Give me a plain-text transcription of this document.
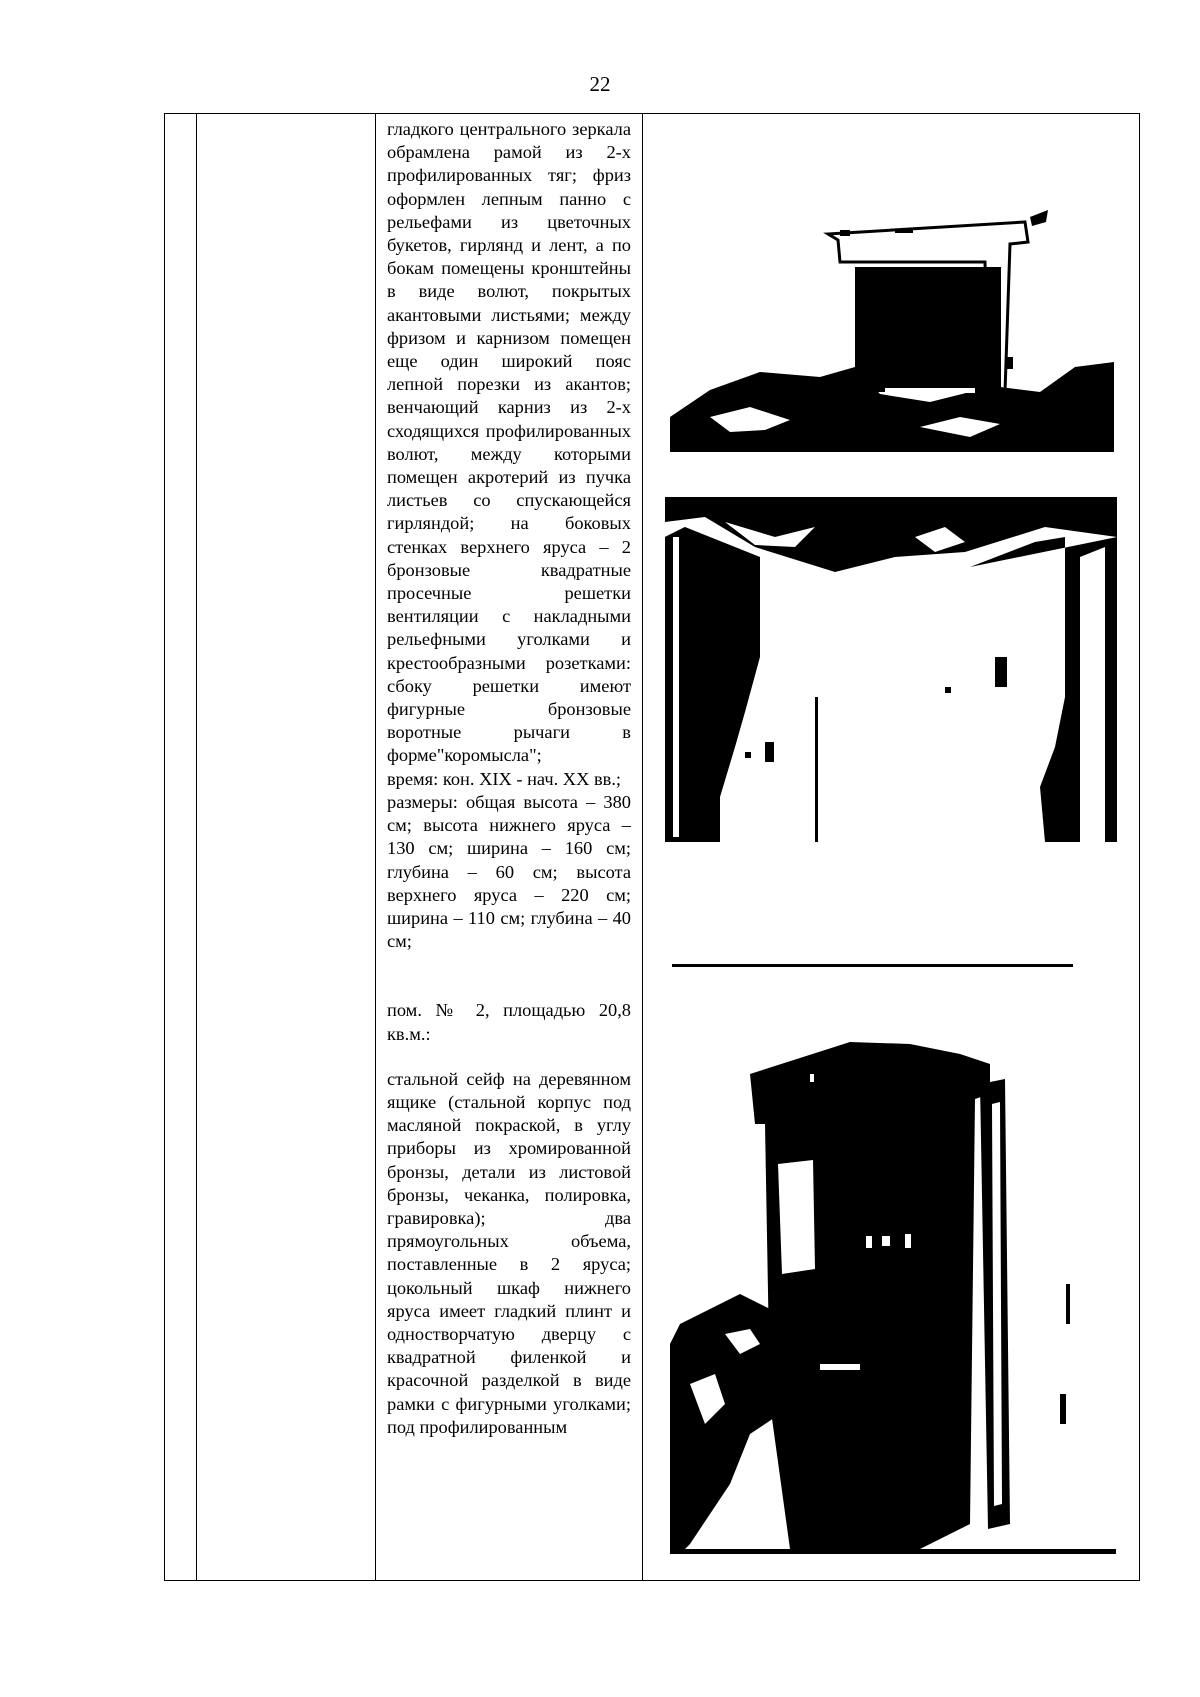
22

гладкого центрального зеркала обрамлена рамой из 2-х профилированных тяг; фриз оформлен лепным панно с рельефами из цветочных букетов, гирлянд и лент, а по бокам помещены кронштейны в виде волют, покрытых акантовыми листьями; между фризом и карнизом помещен еще один широкий пояс лепной порезки из акантов; венчающий карниз из 2-х сходящихся профилированных волют, между которыми помещен акротерий из пучка листьев со спускающейся гирляндой; на боковых стенках верхнего яруса – 2 бронзовые квадратные просечные решетки вентиляции с накладными рельефными уголками и крестообразными розетками: сбоку решетки имеют фигурные бронзовые воротные рычаги в форме"коромысла";

время: кон. XIX - нач. XX вв.;

размеры: общая высота – 380 см; высота нижнего яруса – 130 см; ширина – 160 см; глубина – 60 см; высота верхнего яруса – 220 см; ширина – 110 см; глубина – 40 см;

пом. № 2, площадью 20,8 кв.м.:

стальной сейф на деревянном ящике (стальной корпус под масляной покраской, в углу приборы из хромированной бронзы, детали из листовой бронзы, чеканка, полировка, гравировка); два прямоугольных объема, поставленные в 2 яруса; цокольный шкаф нижнего яруса имеет гладкий плинт и одностворчатую дверцу с квадратной филенкой и красочной разделкой в виде рамки с фигурными уголками; под профилированным
